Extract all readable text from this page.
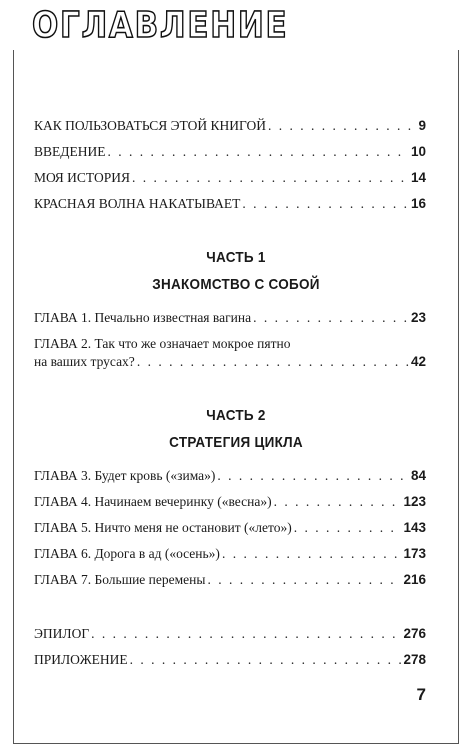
ОГЛАВЛЕНИЕ
КАК ПОЛЬЗОВАТЬСЯ ЭТОЙ КНИГОЙ . . .	9
ВВЕДЕНИЕ . . .	10
МОЯ ИСТОРИЯ . . .	14
КРАСНАЯ ВОЛНА НАКАТЫВАЕТ . . .	16
ЧАСТЬ 1
ЗНАКОМСТВО С СОБОЙ
ГЛАВА 1. Печально известная вагина . . .	23
ГЛАВА 2. Так что же означает мокрое пятно
на ваших трусах? . . .	42
ЧАСТЬ 2
СТРАТЕГИЯ ЦИКЛА
ГЛАВА 3. Будет кровь («зима») . . .	84
ГЛАВА 4. Начинаем вечеринку («весна») . . .	123
ГЛАВА 5. Ничто меня не остановит («лето») . . .	143
ГЛАВА 6. Дорога в ад («осень») . . .	173
ГЛАВА 7. Большие перемены . . .	216
ЭПИЛОГ . . .	276
ПРИЛОЖЕНИЕ . . .	278
7
